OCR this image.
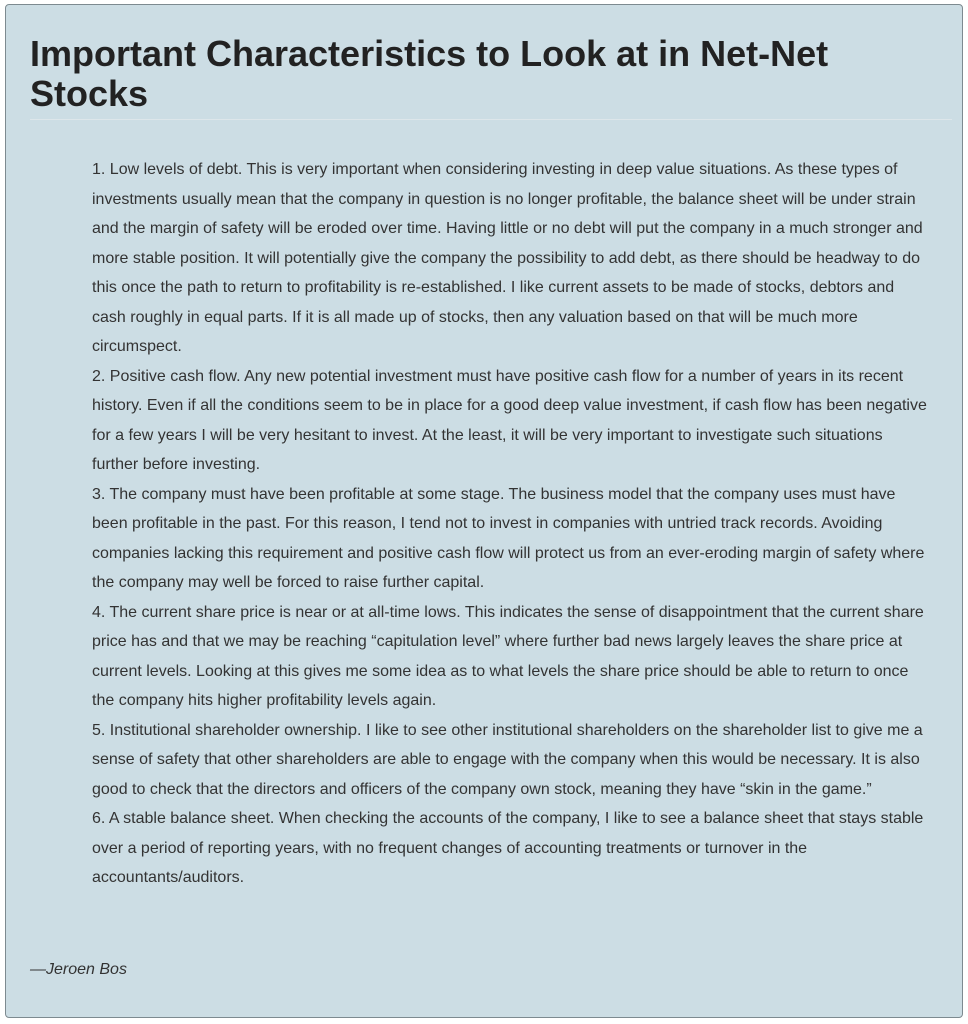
Important Characteristics to Look at in Net-Net Stocks

1. Low levels of debt. This is very important when considering investing in deep value situations. As these types of investments usually mean that the company in question is no longer profitable, the balance sheet will be under strain and the margin of safety will be eroded over time. Having little or no debt will put the company in a much stronger and more stable position. It will potentially give the company the possibility to add debt, as there should be headway to do this once the path to return to profitability is re-established. I like current assets to be made of stocks, debtors and cash roughly in equal parts. If it is all made up of stocks, then any valuation based on that will be much more circumspect.

2. Positive cash flow. Any new potential investment must have positive cash flow for a number of years in its recent history. Even if all the conditions seem to be in place for a good deep value investment, if cash flow has been negative for a few years I will be very hesitant to invest. At the least, it will be very important to investigate such situations further before investing.

3. The company must have been profitable at some stage. The business model that the company uses must have been profitable in the past. For this reason, I tend not to invest in companies with untried track records. Avoiding companies lacking this requirement and positive cash flow will protect us from an ever-eroding margin of safety where the company may well be forced to raise further capital.

4. The current share price is near or at all-time lows. This indicates the sense of disappointment that the current share price has and that we may be reaching “capitulation level” where further bad news largely leaves the share price at current levels. Looking at this gives me some idea as to what levels the share price should be able to return to once the company hits higher profitability levels again.

5. Institutional shareholder ownership. I like to see other institutional shareholders on the shareholder list to give me a sense of safety that other shareholders are able to engage with the company when this would be necessary. It is also good to check that the directors and officers of the company own stock, meaning they have “skin in the game.”

6. A stable balance sheet. When checking the accounts of the company, I like to see a balance sheet that stays stable over a period of reporting years, with no frequent changes of accounting treatments or turnover in the accountants/auditors.

—Jeroen Bos
